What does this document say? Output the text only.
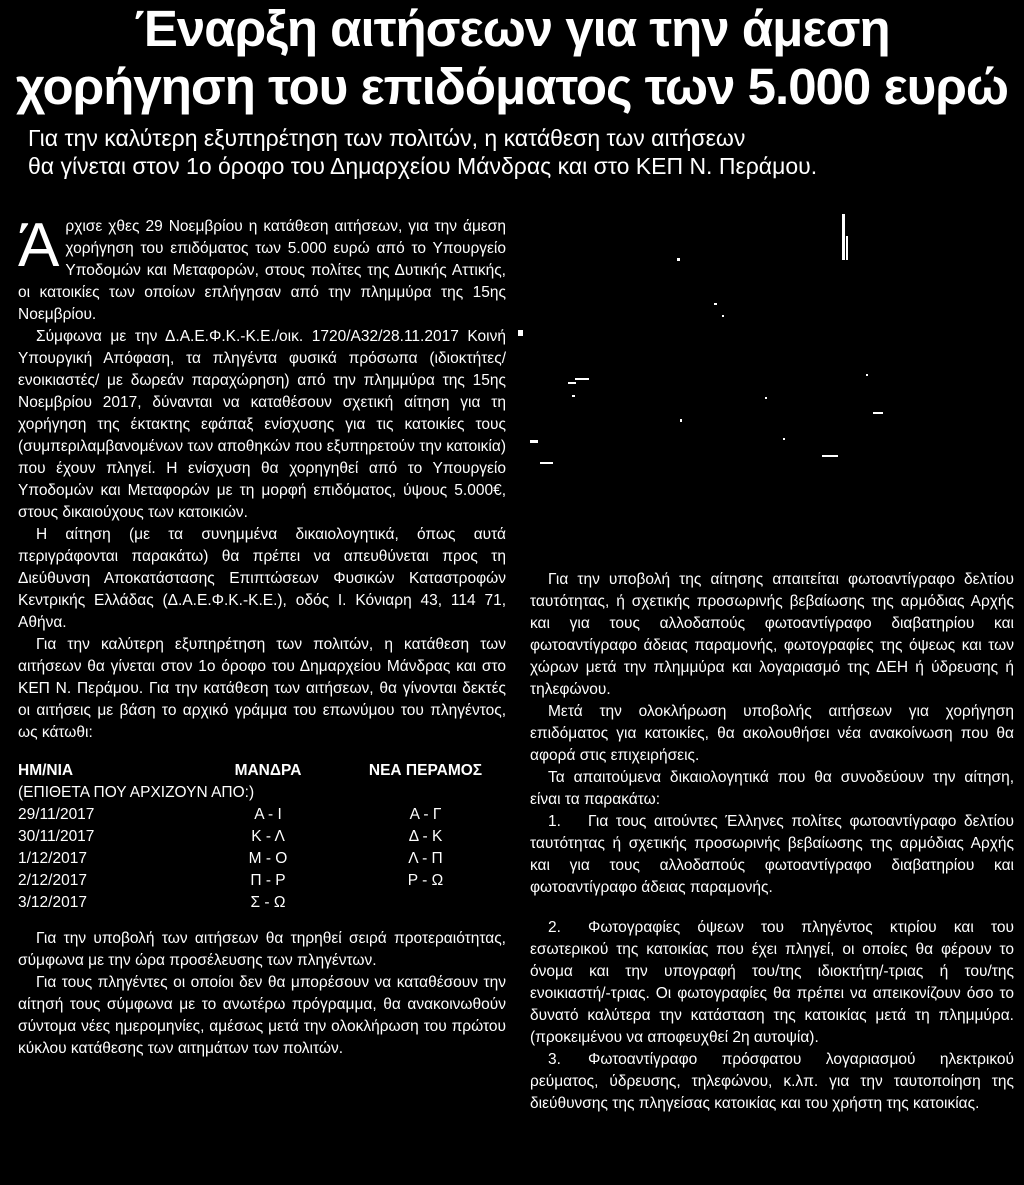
Έναρξη αιτήσεων για την άμεση
χορήγηση του επιδόματος των 5.000 ευρώ
Για την καλύτερη εξυπηρέτηση των πολιτών, η κατάθεση των αιτήσεων
θα γίνεται στον 1ο όροφο του Δημαρχείου Μάνδρας και στο ΚΕΠ Ν. Περάμου.

Άρχισε χθες 29 Νοεμβρίου η κατάθεση αιτήσεων, για την άμεση χορήγηση του επιδόματος των 5.000 ευρώ από το Υπουργείο Υποδομών και Μεταφορών, στους πολίτες της Δυτικής Αττικής, οι κατοικίες των οποίων επλήγησαν από την πλημμύρα της 15ης Νοεμβρίου.

Σύμφωνα με την Δ.Α.Ε.Φ.Κ.-Κ.Ε./οικ. 1720/Α32/28.11.2017 Κοινή Υπουργική Απόφαση, τα πληγέντα φυσικά πρόσωπα (ιδιοκτήτες/ ενοικιαστές/ με δωρεάν παραχώρηση) από την πλημμύρα της 15ης Νοεμβρίου 2017, δύνανται να καταθέσουν σχετική αίτηση για τη χορήγηση της έκτακτης εφάπαξ ενίσχυσης για τις κατοικίες τους (συμπεριλαμβανομένων των αποθηκών που εξυπηρετούν την κατοικία) που έχουν πληγεί. Η ενίσχυση θα χορηγηθεί από το Υπουργείο Υποδομών και Μεταφορών με τη μορφή επιδόματος, ύψους 5.000€, στους δικαιούχους των κατοικιών.

Η αίτηση (με τα συνημμένα δικαιολογητικά, όπως αυτά περιγράφονται παρακάτω) θα πρέπει να απευθύνεται προς τη Διεύθυνση Αποκατάστασης Επιπτώσεων Φυσικών Καταστροφών Κεντρικής Ελλάδας (Δ.Α.Ε.Φ.Κ.-Κ.Ε.), οδός Ι. Κόνιαρη 43, 114 71, Αθήνα.

Για την καλύτερη εξυπηρέτηση των πολιτών, η κατάθεση των αιτήσεων θα γίνεται στον 1ο όροφο του Δημαρχείου Μάνδρας και στο ΚΕΠ Ν. Περάμου. Για την κατάθεση των αιτήσεων, θα γίνονται δεκτές οι αιτήσεις με βάση το αρχικό γράμμα του επωνύμου του πληγέντος, ως κάτωθι:

ΗΜ/ΝΙΑ	ΜΑΝΔΡΑ	ΝΕΑ ΠΕΡΑΜΟΣ
(ΕΠΙΘΕΤΑ ΠΟΥ ΑΡΧΙΖΟΥΝ ΑΠΟ:)
29/11/2017	Α - Ι	Α - Γ
30/11/2017	Κ - Λ	Δ - Κ
1/12/2017	Μ - Ο	Λ - Π
2/12/2017	Π - Ρ	Ρ - Ω
3/12/2017	Σ - Ω

Για την υποβολή των αιτήσεων θα τηρηθεί σειρά προτεραιότητας, σύμφωνα με την ώρα προσέλευσης των πληγέντων.

Για τους πληγέντες οι οποίοι δεν θα μπορέσουν να καταθέσουν την αίτησή τους σύμφωνα με το ανωτέρω πρόγραμμα, θα ανακοινωθούν σύντομα νέες ημερομηνίες, αμέσως μετά την ολοκλήρωση του πρώτου κύκλου κατάθεσης των αιτημάτων των πολιτών.

Για την υποβολή της αίτησης απαιτείται φωτοαντίγραφο δελτίου ταυτότητας, ή σχετικής προσωρινής βεβαίωσης της αρμόδιας Αρχής και για τους αλλοδαπούς φωτοαντίγραφο διαβατηρίου και φωτοαντίγραφο άδειας παραμονής, φωτογραφίες της όψεως και των χώρων μετά την πλημμύρα και λογαριασμό της ΔΕΗ ή ύδρευσης ή τηλεφώνου.

Μετά την ολοκλήρωση υποβολής αιτήσεων για χορήγηση επιδόματος για κατοικίες, θα ακολουθήσει νέα ανακοίνωση που θα αφορά στις επιχειρήσεις.

Τα απαιτούμενα δικαιολογητικά που θα συνοδεύουν την αίτηση, είναι τα παρακάτω:

1. Για τους αιτούντες Έλληνες πολίτες φωτοαντίγραφο δελτίου ταυτότητας ή σχετικής προσωρινής βεβαίωσης της αρμόδιας Αρχής και για τους αλλοδαπούς φωτοαντίγραφο διαβατηρίου και φωτοαντίγραφο άδειας παραμονής.

2. Φωτογραφίες όψεων του πληγέντος κτιρίου και του εσωτερικού της κατοικίας που έχει πληγεί, οι οποίες θα φέρουν το όνομα και την υπογραφή του/της ιδιοκτήτη/-τριας ή του/της ενοικιαστή/-τριας. Οι φωτογραφίες θα πρέπει να απεικονίζουν όσο το δυνατό καλύτερα την κατάσταση της κατοικίας μετά τη πλημμύρα. (προκειμένου να αποφευχθεί 2η αυτοψία).

3. Φωτοαντίγραφο πρόσφατου λογαριασμού ηλεκτρικού ρεύματος, ύδρευσης, τηλεφώνου, κ.λπ. για την ταυτοποίηση της διεύθυνσης της πληγείσας κατοικίας και του χρήστη της κατοικίας.
